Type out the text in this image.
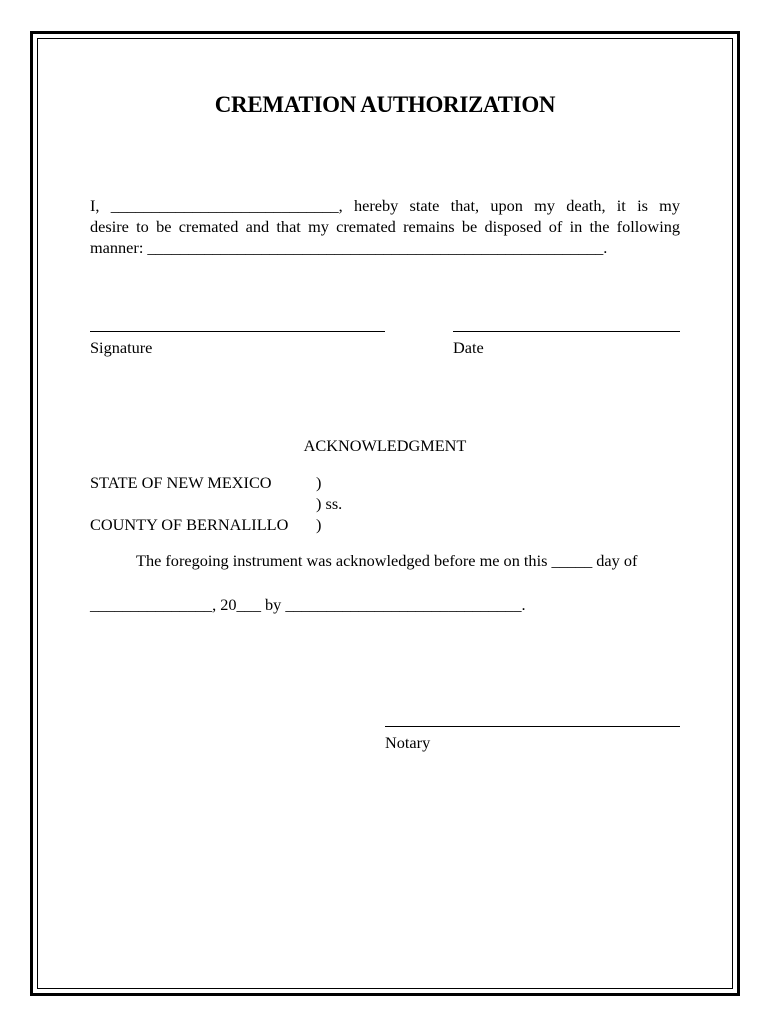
CREMATION AUTHORIZATION
I, ____________________________, hereby state that, upon my death, it is my
desire to be cremated and that my cremated remains be disposed of in the following
manner: ________________________________________________________.
Signature	Date
ACKNOWLEDGMENT
STATE OF NEW MEXICO	)
) ss.
COUNTY OF BERNALILLO )
The foregoing instrument was acknowledged before me on this _____ day of
_______________, 20___ by _____________________________.
Notary
